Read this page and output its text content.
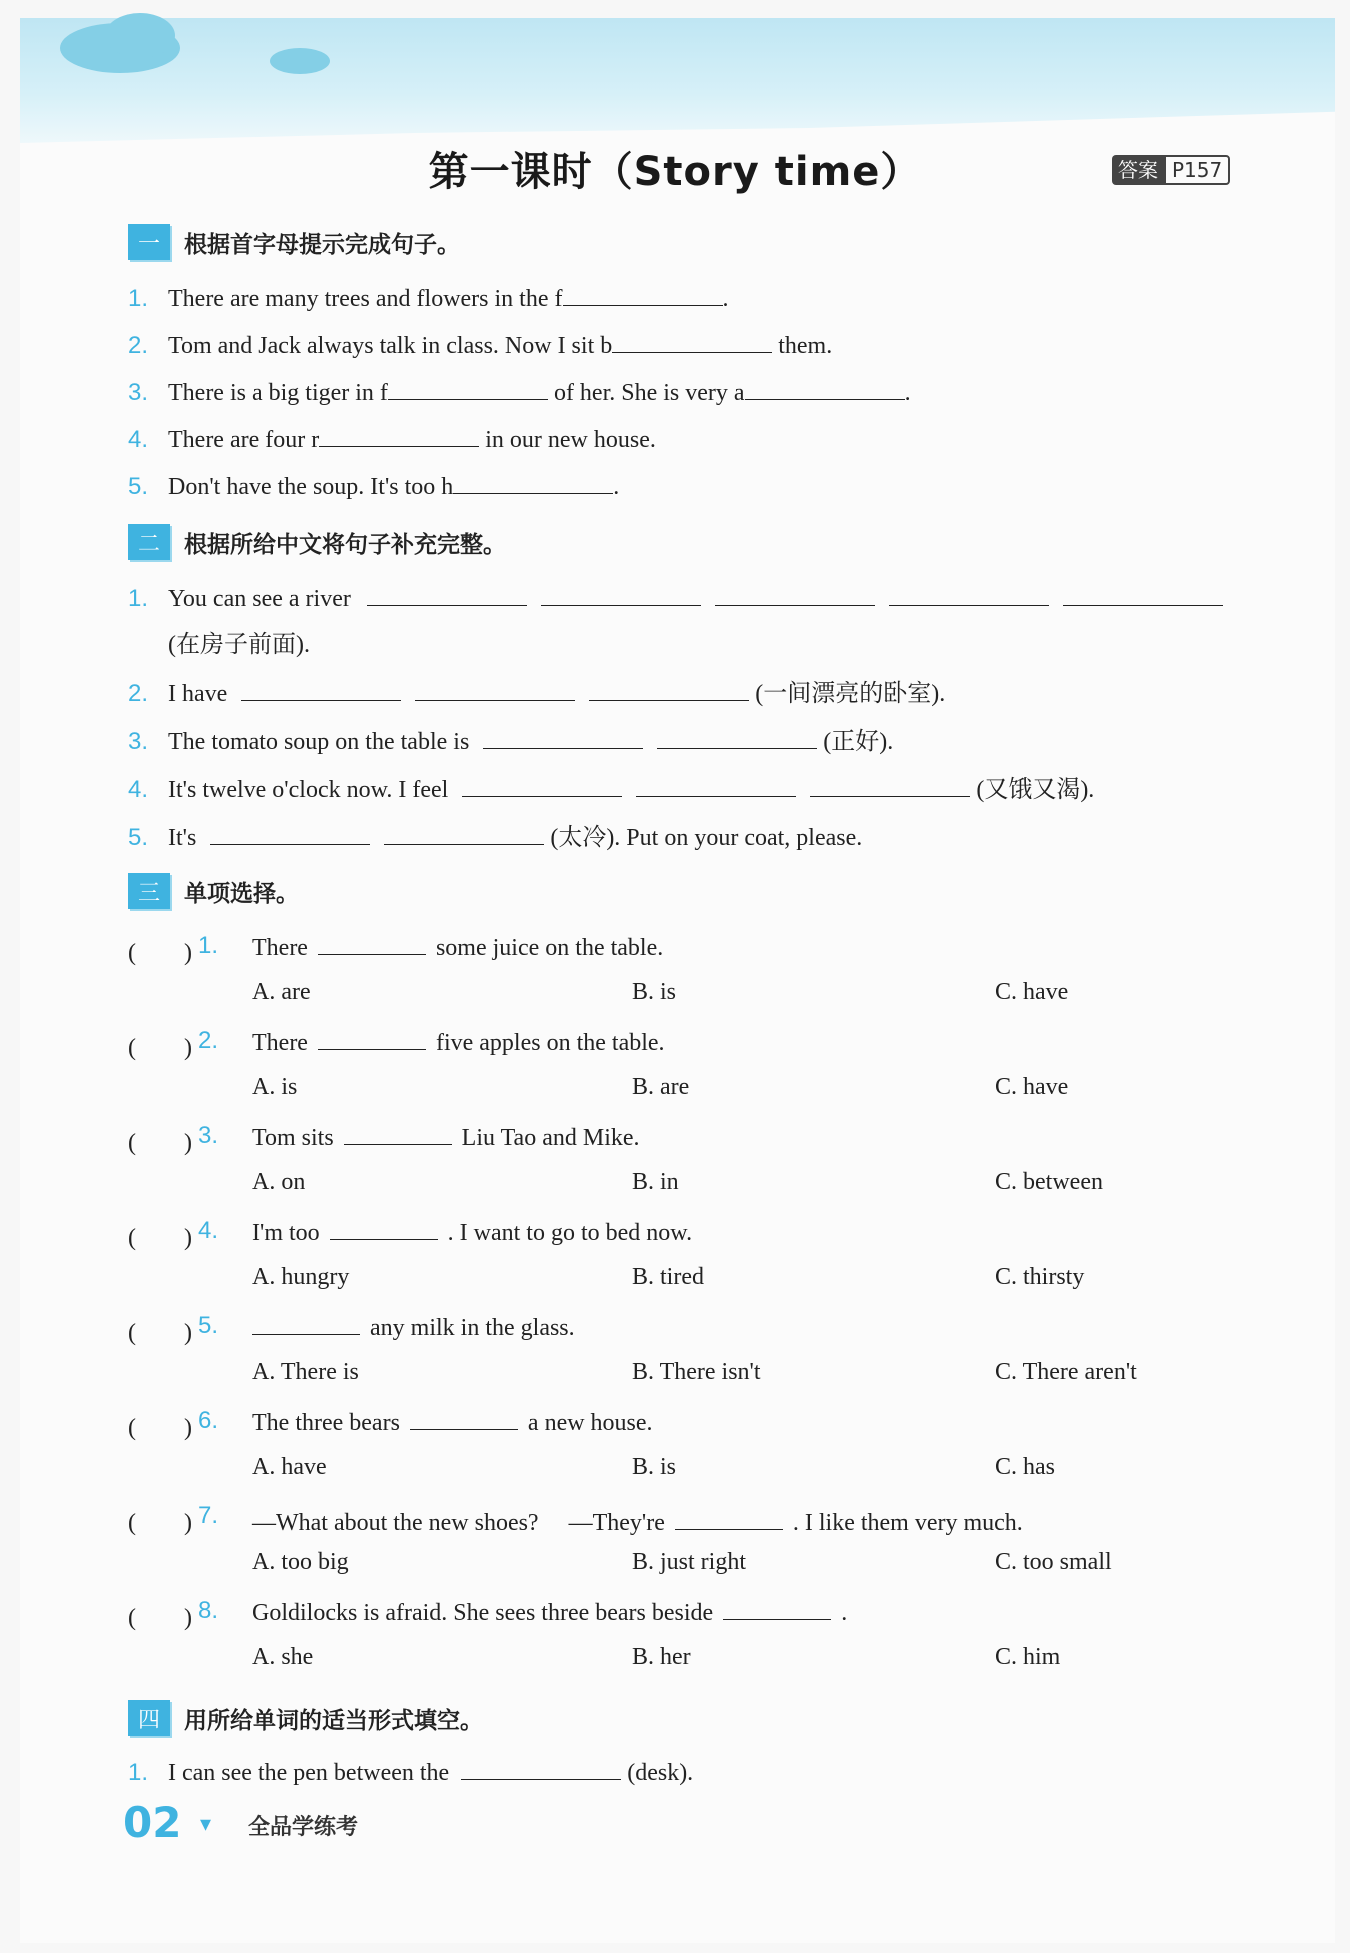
第一课时（Story time）	答案 P157
一	根据首字母提示完成句子。
1. There are many trees and flowers in the f	.
2. Tom and Jack always talk in class. Now I sit b	them.
3. There is a big tiger in f	of her. She is very a	.
4. There are four r	in our new house.
5. Don't have the soup. It's too h	.
二	根据所给中文将句子补充完整。
1. You can see a river
(在房子前面).
2. I have	(一间漂亮的卧室).
3. The tomato soup on the table is	(正好).
4. It's twelve o'clock now. I feel	(又饿又渴).
5. It's	(太冷). Put on your coat, please.
三	单项选择。
(　　) 1. There	some juice on the table.
A. are	B. is	C. have
(　　) 2. There	five apples on the table.
A. is	B. are	C. have
(　　) 3. Tom sits	Liu Tao and Mike.
A. on	B. in	C. between
(　　) 4. I'm too	. I want to go to bed now.
A. hungry	B. tired	C. thirsty
(　　) 5.	any milk in the glass.
A. There is	B. There isn't	C. There aren't
(　　) 6. The three bears	a new house.
A. have	B. is	C. has
(　　) 7. —What about the new shoes?　 —They're	. I like them very much.
A. too big	B. just right	C. too small
(　　) 8. Goldilocks is afraid. She sees three bears beside	.
A. she	B. her	C. him
四	用所给单词的适当形式填空。
1. I can see the pen between the	(desk).
02 ▾ 全品学练考
